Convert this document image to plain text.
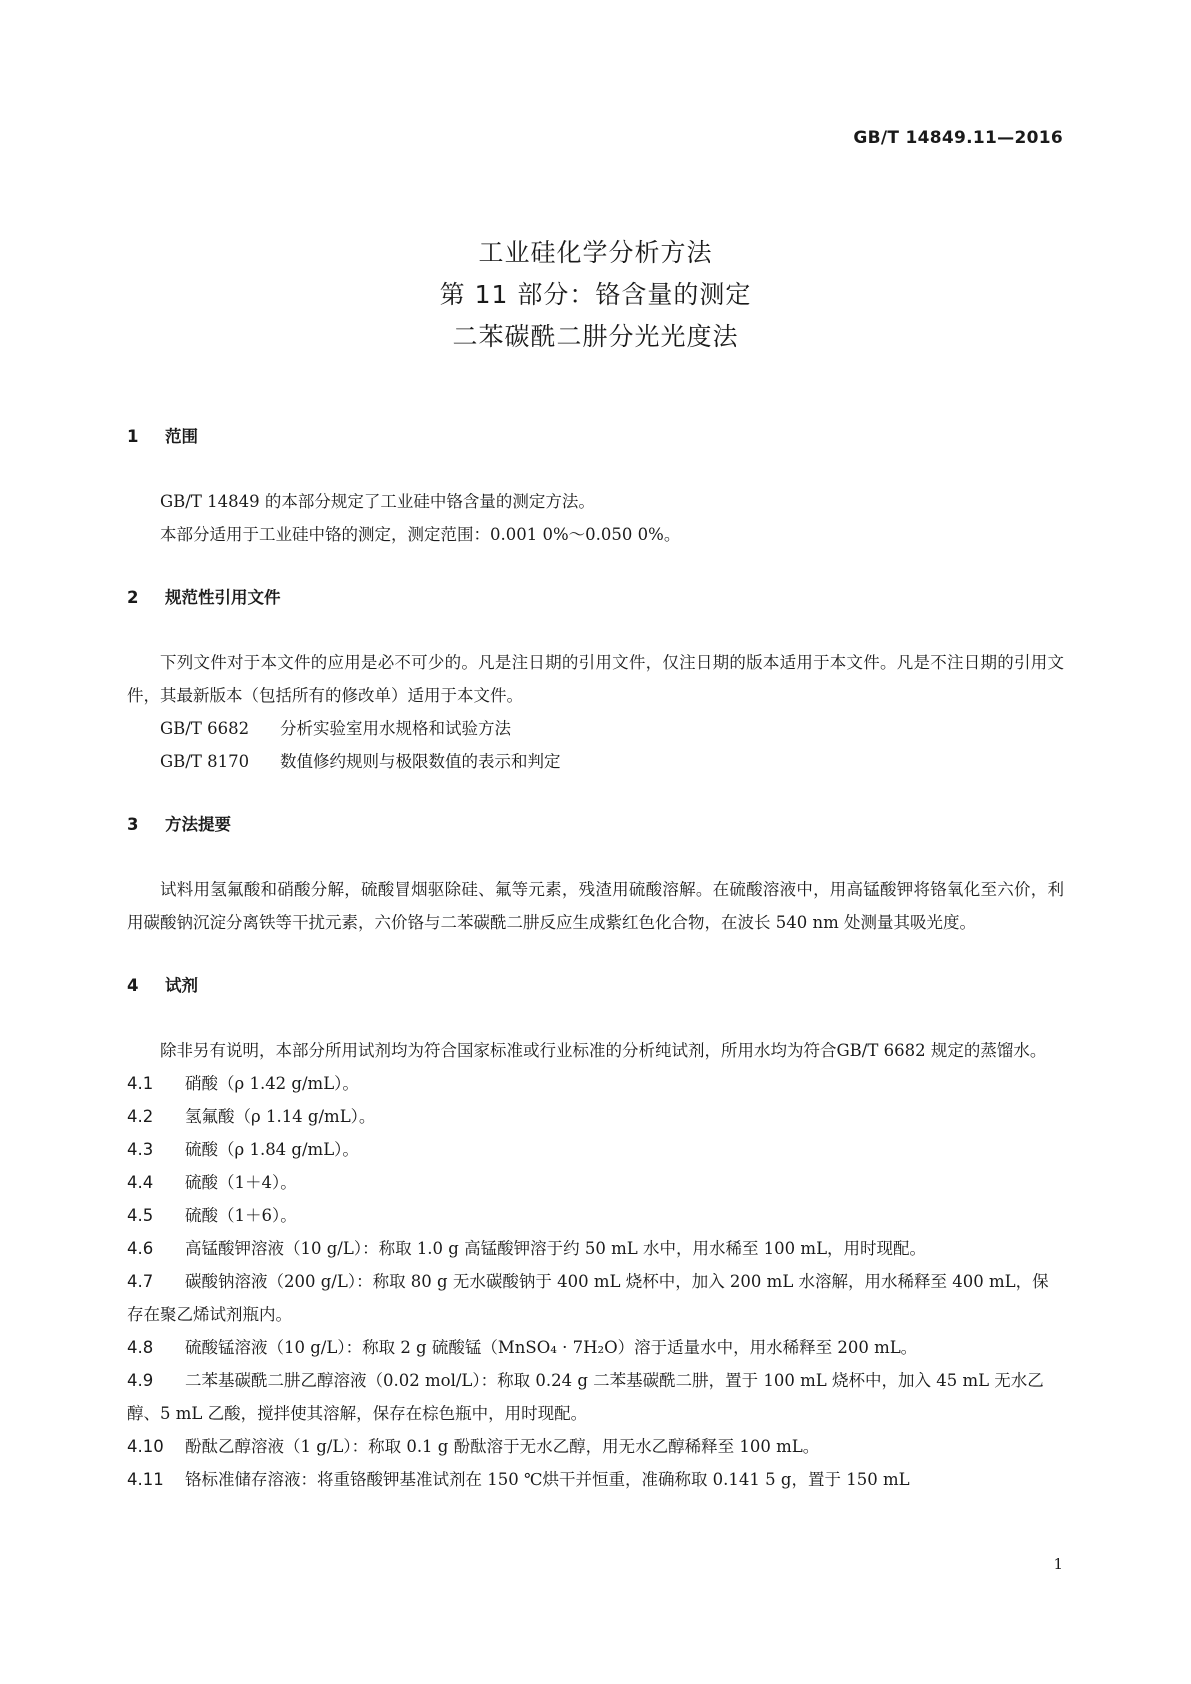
GB/T 14849.11—2016
工业硅化学分析方法
第 11 部分：铬含量的测定
二苯碳酰二肼分光光度法
1 范围

GB/T 14849 的本部分规定了工业硅中铬含量的测定方法。

本部分适用于工业硅中铬的测定，测定范围：0.001 0%～0.050 0%。

2 规范性引用文件

下列文件对于本文件的应用是必不可少的。凡是注日期的引用文件，仅注日期的版本适用于本文件。凡是不注日期的引用文件，其最新版本（包括所有的修改单）适用于本文件。

GB/T 6682 分析实验室用水规格和试验方法

GB/T 8170 数值修约规则与极限数值的表示和判定

3 方法提要

试料用氢氟酸和硝酸分解，硫酸冒烟驱除硅、氟等元素，残渣用硫酸溶解。在硫酸溶液中，用高锰酸钾将铬氧化至六价，利用碳酸钠沉淀分离铁等干扰元素，六价铬与二苯碳酰二肼反应生成紫红色化合物，在波长 540 nm 处测量其吸光度。

4 试剂

除非另有说明，本部分所用试剂均为符合国家标准或行业标准的分析纯试剂，所用水均为符合GB/T 6682 规定的蒸馏水。

4.1 硝酸（ρ 1.42 g/mL）。

4.2 氢氟酸（ρ 1.14 g/mL）。

4.3 硫酸（ρ 1.84 g/mL）。

4.4 硫酸（1＋4）。

4.5 硫酸（1＋6）。

4.6 高锰酸钾溶液（10 g/L）：称取 1.0 g 高锰酸钾溶于约 50 mL 水中，用水稀至 100 mL，用时现配。

4.7 碳酸钠溶液（200 g/L）：称取 80 g 无水碳酸钠于 400 mL 烧杯中，加入 200 mL 水溶解，用水稀释至 400 mL，保存在聚乙烯试剂瓶内。

4.8 硫酸锰溶液（10 g/L）：称取 2 g 硫酸锰（MnSO₄ · 7H₂O）溶于适量水中，用水稀释至 200 mL。

4.9 二苯基碳酰二肼乙醇溶液（0.02 mol/L）：称取 0.24 g 二苯基碳酰二肼，置于 100 mL 烧杯中，加入 45 mL 无水乙醇、5 mL 乙酸，搅拌使其溶解，保存在棕色瓶中，用时现配。

4.10 酚酞乙醇溶液（1 g/L）：称取 0.1 g 酚酞溶于无水乙醇，用无水乙醇稀释至 100 mL。

4.11 铬标准储存溶液：将重铬酸钾基准试剂在 150 ℃烘干并恒重，准确称取 0.141 5 g，置于 150 mL

1
